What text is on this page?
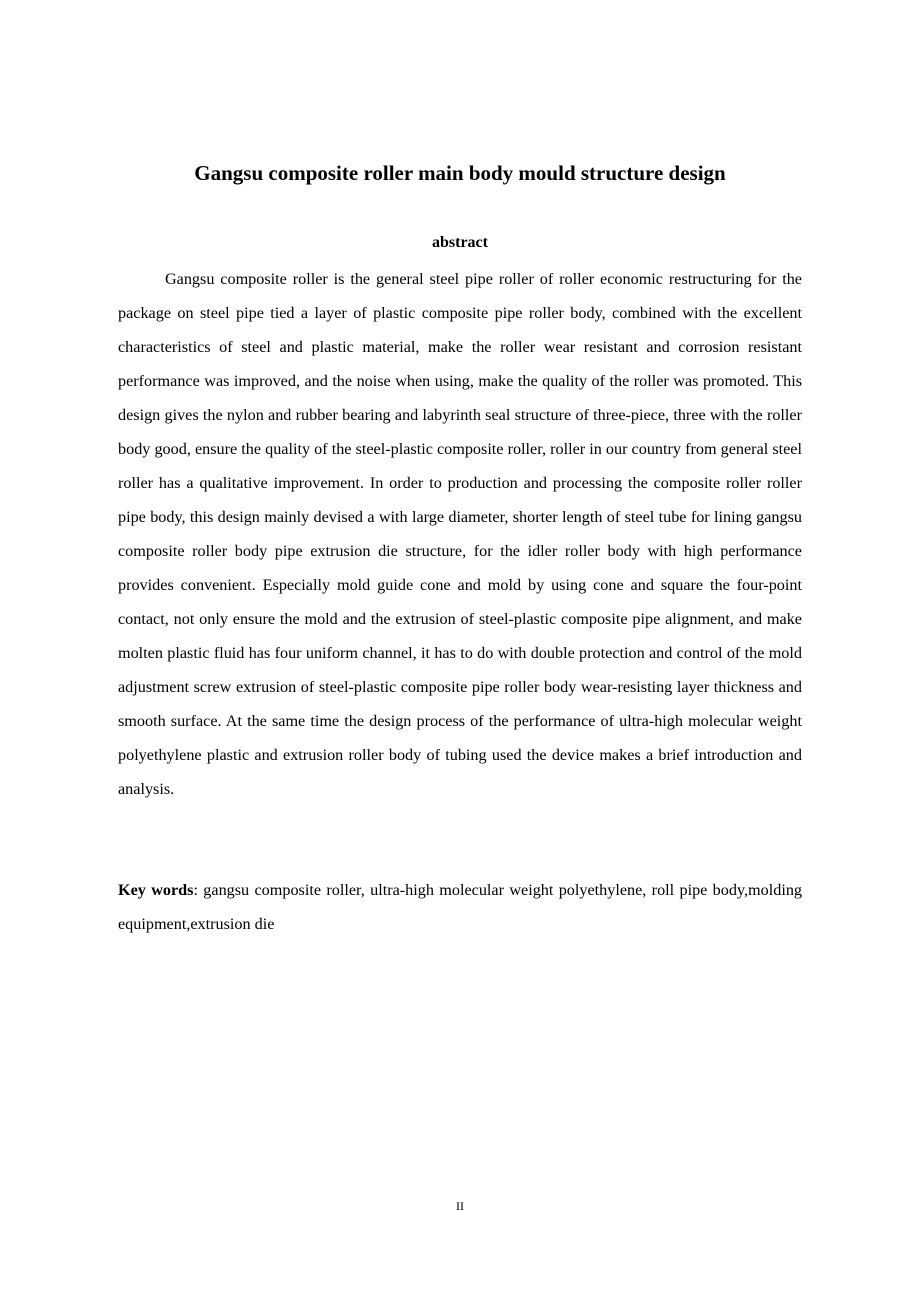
Gangsu composite roller main body mould structure design
abstract

Gangsu composite roller is the general steel pipe roller of roller economic restructuring for the package on steel pipe tied a layer of plastic composite pipe roller body, combined with the excellent characteristics of steel and plastic material, make the roller wear resistant and corrosion resistant performance was improved, and the noise when using, make the quality of the roller was promoted. This design gives the nylon and rubber bearing and labyrinth seal structure of three-piece, three with the roller body good, ensure the quality of the steel-plastic composite roller, roller in our country from general steel roller has a qualitative improvement. In order to production and processing the composite roller roller pipe body, this design mainly devised a with large diameter, shorter length of steel tube for lining gangsu composite roller body pipe extrusion die structure, for the idler roller body with high performance provides convenient. Especially mold guide cone and mold by using cone and square the four-point contact, not only ensure the mold and the extrusion of steel-plastic composite pipe alignment, and make molten plastic fluid has four uniform channel, it has to do with double protection and control of the mold adjustment screw extrusion of steel-plastic composite pipe roller body wear-resisting layer thickness and smooth surface. At the same time the design process of the performance of ultra-high molecular weight polyethylene plastic and extrusion roller body of tubing used the device makes a brief introduction and analysis.

Key words: gangsu composite roller, ultra-high molecular weight polyethylene, roll pipe body,molding equipment,extrusion die

II
